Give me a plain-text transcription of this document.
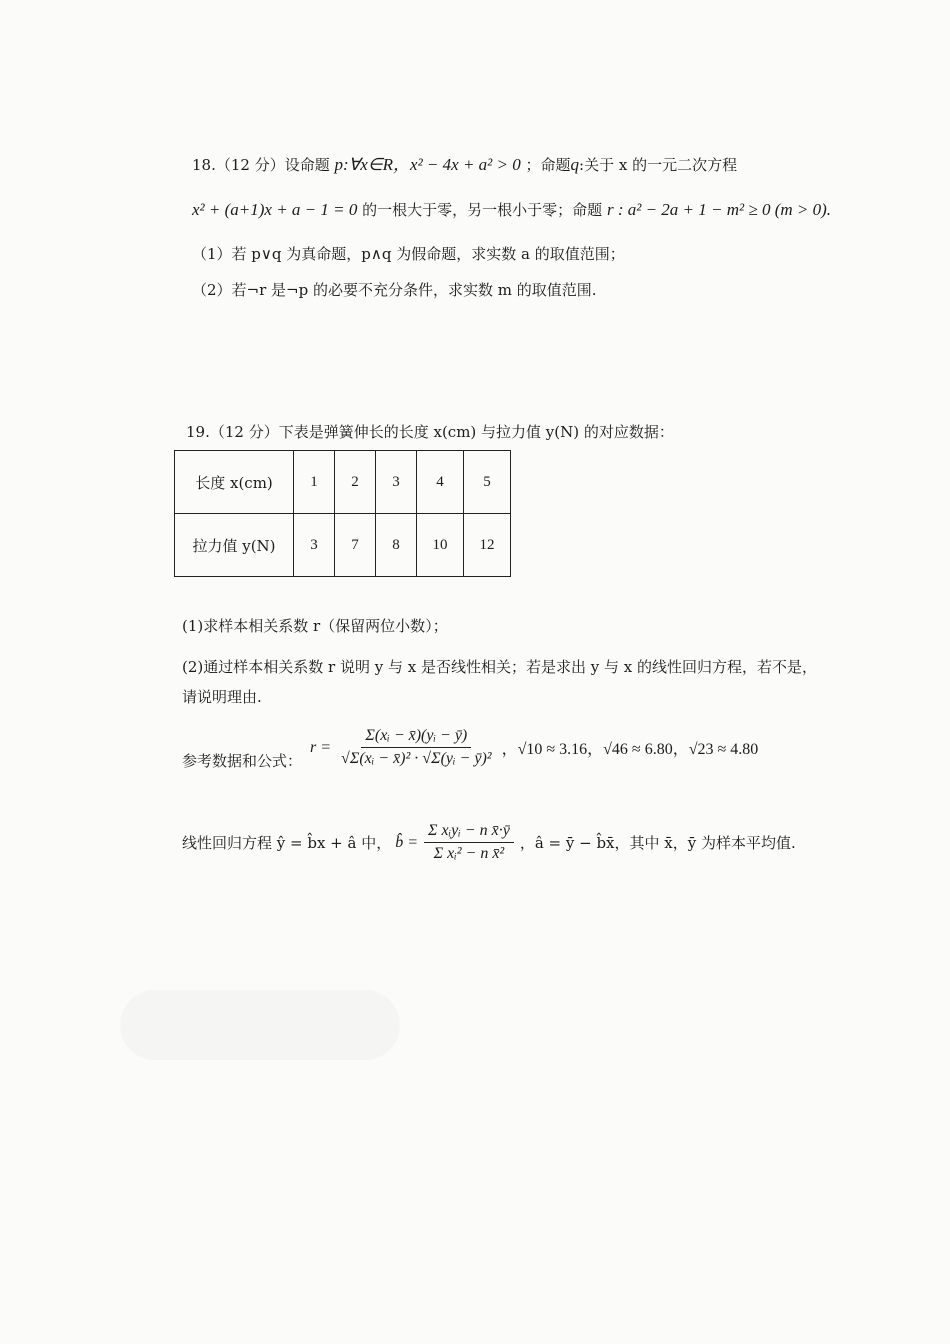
18.（12 分）设命题 p:∀x∈R，x² − 4x + a² > 0 ；命题q:关于 x 的一元二次方程
x² + (a+1)x + a − 1 = 0 的一根大于零，另一根小于零；命题 r : a² − 2a + 1 − m² ≥ 0 (m > 0).
（1）若 p∨q 为真命题，p∧q 为假命题，求实数 a 的取值范围；
（2）若¬r 是¬p 的必要不充分条件，求实数 m 的取值范围.
19.（12 分）下表是弹簧伸长的长度 x(cm) 与拉力值 y(N) 的对应数据：
长度 x(cm)	1	2	3	4	5
拉力值 y(N)	3	7	8	10	12
(1)求样本相关系数 r（保留两位小数）；
(2)通过样本相关系数 r 说明 y 与 x 是否线性相关；若是求出 y 与 x 的线性回归方程，若不是，
请说明理由.
参考数据和公式：
$r = \frac{\text{Σ(xᵢ − x̄)(yᵢ − ȳ)}}{\text{√Σ(xᵢ − x̄)² · √Σ(yᵢ − ȳ)²}}$ ，√10 ≈ 3.16，√46 ≈ 6.80，√23 ≈ 4.80
线性回归方程 ŷ = b̂x + â 中， b̂ = $\frac{\text{Σ xᵢyᵢ − n x̄·ȳ}}{\text{Σ xᵢ² − n x̄²}}$ ，â = ȳ − b̂x̄，其中 x̄，ȳ 为样本平均值.
